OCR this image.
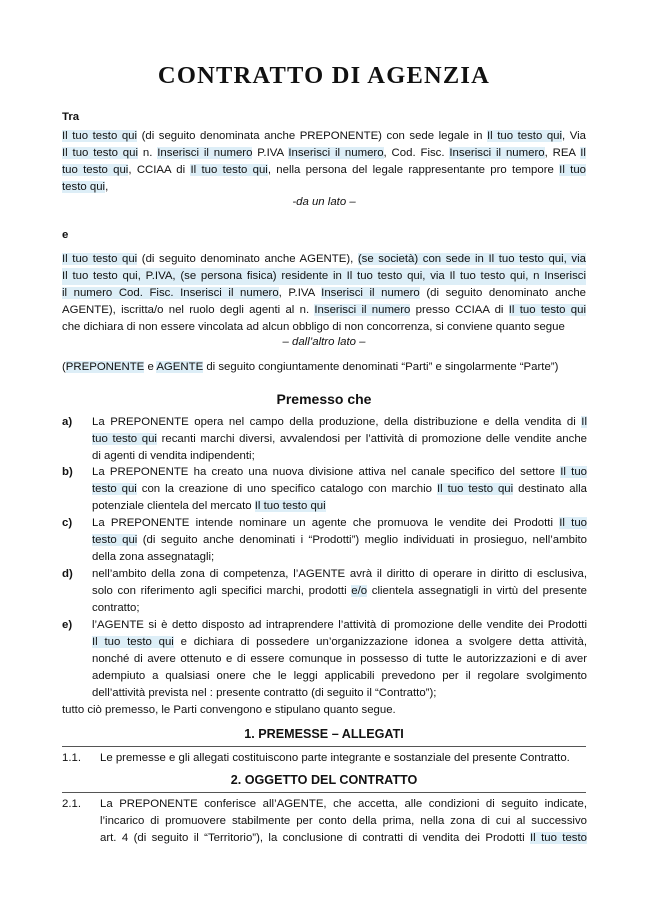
CONTRATTO DI AGENZIA
Tra
Il tuo testo qui (di seguito denominata anche PREPONENTE) con sede legale in Il tuo testo qui, Via
Il tuo testo qui n. Inserisci il numero P.IVA Inserisci il numero, Cod. Fisc. Inserisci il numero, REA Il
tuo testo qui, CCIAA di Il tuo testo qui, nella persona del legale rappresentante pro tempore Il tuo
testo qui,
-da un lato –
e
Il tuo testo qui (di seguito denominato anche AGENTE), (se società) con sede in Il tuo testo qui, via
Il tuo testo qui, P.IVA, (se persona fisica) residente in Il tuo testo qui, via Il tuo testo qui, n Inserisci
il numero Cod. Fisc. Inserisci il numero, P.IVA Inserisci il numero (di seguito denominato anche
AGENTE), iscritta/o nel ruolo degli agenti al n. Inserisci il numero presso CCIAA di Il tuo testo qui
che dichiara di non essere vincolata ad alcun obbligo di non concorrenza, si conviene quanto segue
– dall’altro lato –
(PREPONENTE e AGENTE di seguito congiuntamente denominati “Parti” e singolarmente “Parte”)
Premesso che
a) La PREPONENTE opera nel campo della produzione, della distribuzione e della vendita di Il
tuo testo qui recanti marchi diversi, avvalendosi per l’attività di promozione delle vendite anche
di agenti di vendita indipendenti;
b) La PREPONENTE ha creato una nuova divisione attiva nel canale specifico del settore Il tuo
testo qui con la creazione di uno specifico catalogo con marchio Il tuo testo qui destinato alla
potenziale clientela del mercato Il tuo testo qui
c) La PREPONENTE intende nominare un agente che promuova le vendite dei Prodotti Il tuo
testo qui (di seguito anche denominati i “Prodotti”) meglio individuati in prosieguo, nell’ambito
della zona assegnatagli;
d) nell’ambito della zona di competenza, l’AGENTE avrà il diritto di operare in diritto di esclusiva,
solo con riferimento agli specifici marchi, prodotti e/o clientela assegnatigli in virtù del presente
contratto;
e) l’AGENTE si è detto disposto ad intraprendere l’attività di promozione delle vendite dei Prodotti
Il tuo testo qui e dichiara di possedere un’organizzazione idonea a svolgere detta attività,
nonché di avere ottenuto e di essere comunque in possesso di tutte le autorizzazioni e di aver
adempiuto a qualsiasi onere che le leggi applicabili prevedono per il regolare svolgimento
dell’attività prevista nel : presente contratto (di seguito il “Contratto”);
tutto ciò premesso, le Parti convengono e stipulano quanto segue.
1. PREMESSE – ALLEGATI
1.1. Le premesse e gli allegati costituiscono parte integrante e sostanziale del presente Contratto.
2. OGGETTO DEL CONTRATTO
2.1. La PREPONENTE conferisce all’AGENTE, che accetta, alle condizioni di seguito indicate,
l’incarico di promuovere stabilmente per conto della prima, nella zona di cui al successivo
art. 4 (di seguito il “Territorio”), la conclusione di contratti di vendita dei Prodotti Il tuo testo
